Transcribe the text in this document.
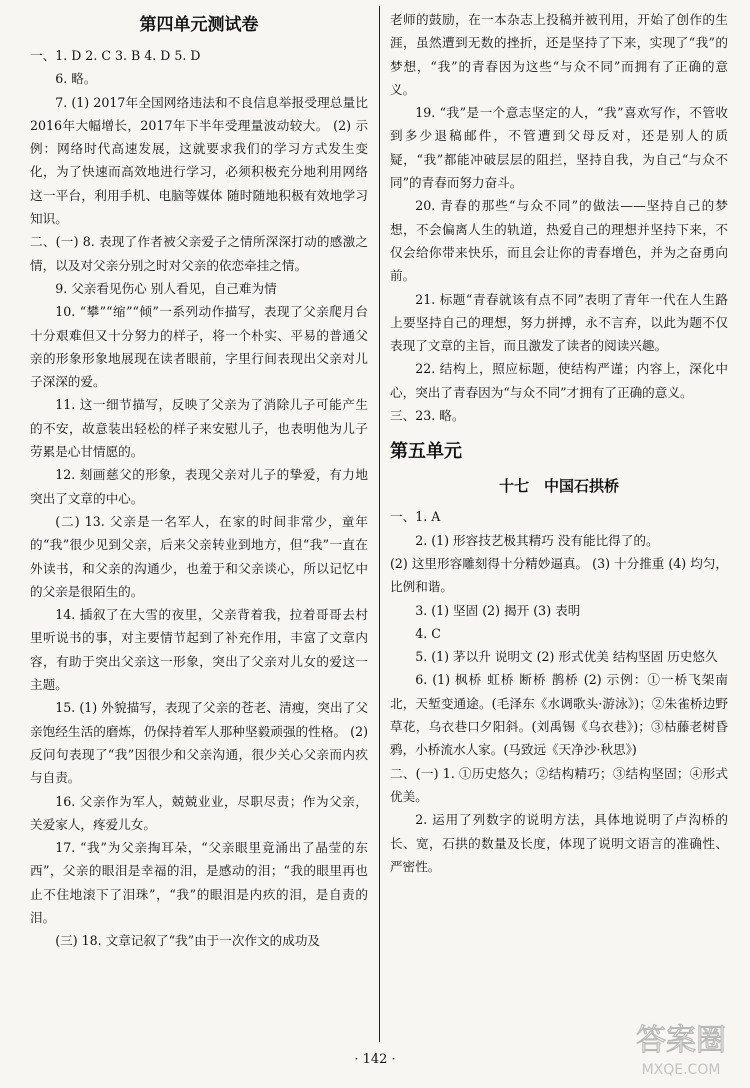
第四单元测试卷

一、1. D 2. C 3. B 4. D 5. D

6. 略。

7. (1) 2017年全国网络违法和不良信息举报受理总量比2016年大幅增长，2017年下半年受理量波动较大。 (2) 示例：网络时代高速发展，这就要求我们的学习方式发生变化，为了快速而高效地进行学习，必须积极充分地利用网络这一平台，利用手机、电脑等媒体 随时随地积极有效地学习知识。

二、(一) 8. 表现了作者被父亲爱子之情所深深打动的感激之情，以及对父亲分别之时对父亲的依恋牵挂之情。

9. 父亲看见伤心 别人看见，自己难为情

10. “攀”“缩”“倾”一系列动作描写，表现了父亲爬月台十分艰难但又十分努力的样子，将一个朴实、平易的普通父亲的形象形象地展现在读者眼前，字里行间表现出父亲对儿子深深的爱。

11. 这一细节描写，反映了父亲为了消除儿子可能产生的不安，故意装出轻松的样子来安慰儿子，也表明他为儿子劳累是心甘情愿的。

12. 刻画慈父的形象，表现父亲对儿子的挚爱，有力地突出了文章的中心。

(二) 13. 父亲是一名军人，在家的时间非常少，童年的“我”很少见到父亲，后来父亲转业到地方，但“我”一直在外读书，和父亲的沟通少，也羞于和父亲谈心，所以记忆中的父亲是很陌生的。

14. 插叙了在大雪的夜里，父亲背着我，拉着哥哥去村里听说书的事，对主要情节起到了补充作用，丰富了文章内容，有助于突出父亲这一形象，突出了父亲对儿女的爱这一主题。

15. (1) 外貌描写，表现了父亲的苍老、清瘦，突出了父亲饱经生活的磨炼，仍保持着军人那种坚毅顽强的性格。 (2) 反问句表现了“我”因很少和父亲沟通，很少关心父亲而内疚与自责。

16. 父亲作为军人，兢兢业业，尽职尽责；作为父亲，关爱家人，疼爱儿女。

17. “我”为父亲掏耳朵，“父亲眼里竟涌出了晶莹的东西”，父亲的眼泪是幸福的泪，是感动的泪；“我的眼里再也止不住地滚下了泪珠”，“我”的眼泪是内疚的泪，是自责的泪。

(三) 18. 文章记叙了“我”由于一次作文的成功及

老师的鼓励，在一本杂志上投稿并被刊用，开始了创作的生涯，虽然遭到无数的挫折，还是坚持了下来，实现了“我”的梦想，“我”的青春因为这些“与众不同”而拥有了正确的意义。

19. “我”是一个意志坚定的人，“我”喜欢写作，不管收到多少退稿邮件，不管遭到父母反对，还是别人的质疑，“我”都能冲破层层的阻拦，坚持自我，为自己“与众不同”的青春而努力奋斗。

20. 青春的那些“与众不同”的做法——坚持自己的梦想，不会偏离人生的轨道，热爱自己的理想并坚持下来，不仅会给你带来快乐，而且会让你的青春增色，并为之奋勇向前。

21. 标题“青春就该有点不同”表明了青年一代在人生路上要坚持自己的理想，努力拼搏，永不言弃，以此为题不仅表现了文章的主旨，而且激发了读者的阅读兴趣。

22. 结构上，照应标题，使结构严谨；内容上，深化中心，突出了青春因为“与众不同”才拥有了正确的意义。

三、23. 略。

第五单元
十七　中国石拱桥

一、1. A

2. (1) 形容技艺极其精巧 没有能比得了的。

(2) 这里形容雕刻得十分精妙逼真。 (3) 十分推重 (4) 均匀，比例和谐。

3. (1) 坚固 (2) 揭开 (3) 表明

4. C

5. (1) 茅以升 说明文 (2) 形式优美 结构坚固 历史悠久

6. (1) 枫桥 虹桥 断桥 鹊桥 (2) 示例：①一桥飞架南北，天堑变通途。(毛泽东《水调歌头·游泳》)；②朱雀桥边野草花，乌衣巷口夕阳斜。(刘禹锡《乌衣巷》)；③枯藤老树昏鸦，小桥流水人家。(马致远《天净沙·秋思》)

二、(一) 1. ①历史悠久；②结构精巧；③结构坚固；④形式优美。

2. 运用了列数字的说明方法，具体地说明了卢沟桥的长、宽，石拱的数量及长度，体现了说明文语言的准确性、严密性。

· 142 ·
答案圈
MXQE.COM
